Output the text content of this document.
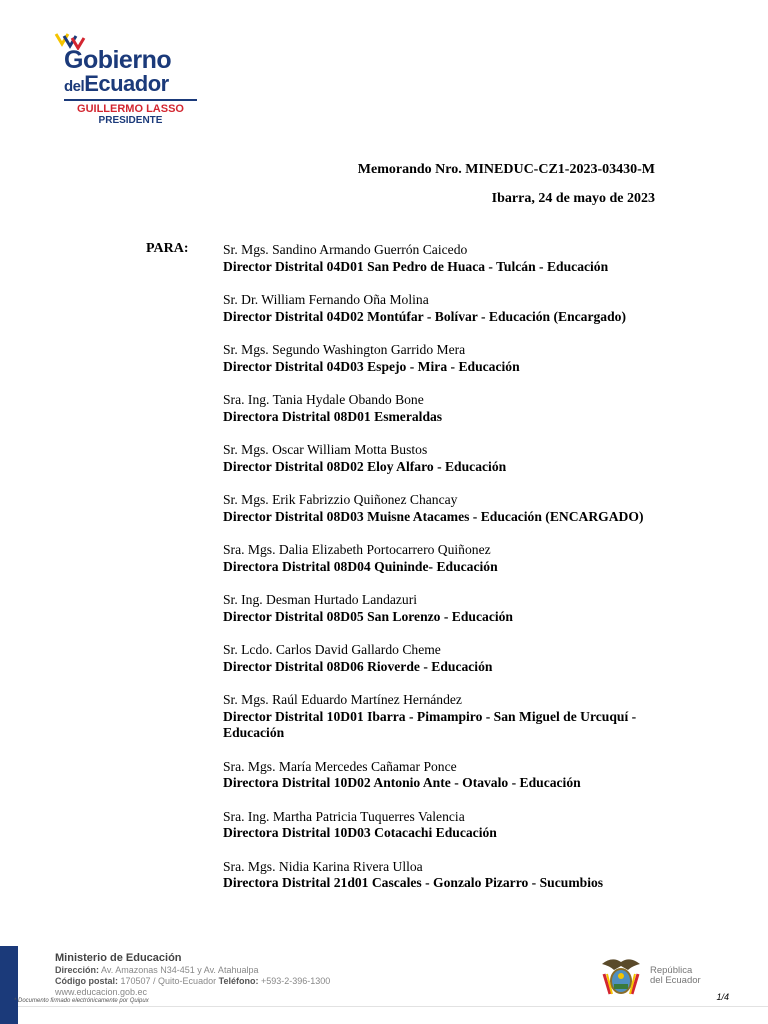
Gobierno
delEcuador
GUILLERMO LASSO
PRESIDENTE
Memorando Nro. MINEDUC-CZ1-2023-03430-M
Ibarra, 24 de mayo de 2023
PARA:	Sr. Mgs. Sandino Armando Guerrón Caicedo
Director Distrital 04D01 San Pedro de Huaca - Tulcán - Educación
Sr. Dr. William Fernando Oña Molina
Director Distrital 04D02 Montúfar - Bolívar - Educación (Encargado)
Sr. Mgs. Segundo Washington Garrido Mera
Director Distrital 04D03 Espejo - Mira - Educación
Sra. Ing. Tania Hydale Obando Bone
Directora Distrital 08D01 Esmeraldas
Sr. Mgs. Oscar William Motta Bustos
Director Distrital 08D02 Eloy Alfaro - Educación
Sr. Mgs. Erik Fabrizzio Quiñonez Chancay
Director Distrital 08D03 Muisne Atacames - Educación (ENCARGADO)
Sra. Mgs. Dalia Elizabeth Portocarrero Quiñonez
Directora Distrital 08D04 Quininde- Educación
Sr. Ing. Desman Hurtado Landazuri
Director Distrital 08D05 San Lorenzo - Educación
Sr. Lcdo. Carlos David Gallardo Cheme
Director Distrital 08D06 Rioverde - Educación
Sr. Mgs. Raúl Eduardo Martínez Hernández
Director Distrital 10D01 Ibarra - Pimampiro - San Miguel de Urcuquí - Educación
Sra. Mgs. María Mercedes Cañamar Ponce
Directora Distrital 10D02 Antonio Ante - Otavalo - Educación
Sra. Ing. Martha Patricia Tuquerres Valencia
Directora Distrital 10D03 Cotacachi Educación
Sra. Mgs. Nidia Karina Rivera Ulloa
Directora Distrital 21d01 Cascales - Gonzalo Pizarro - Sucumbios
Ministerio de Educación
Dirección: Av. Amazonas N34-451 y Av. Atahualpa
Código postal: 170507 / Quito-Ecuador Teléfono: +593-2-396-1300
www.educacion.gob.ec
* Documento firmado electrónicamente por Quipux
República
del Ecuador
1/4
